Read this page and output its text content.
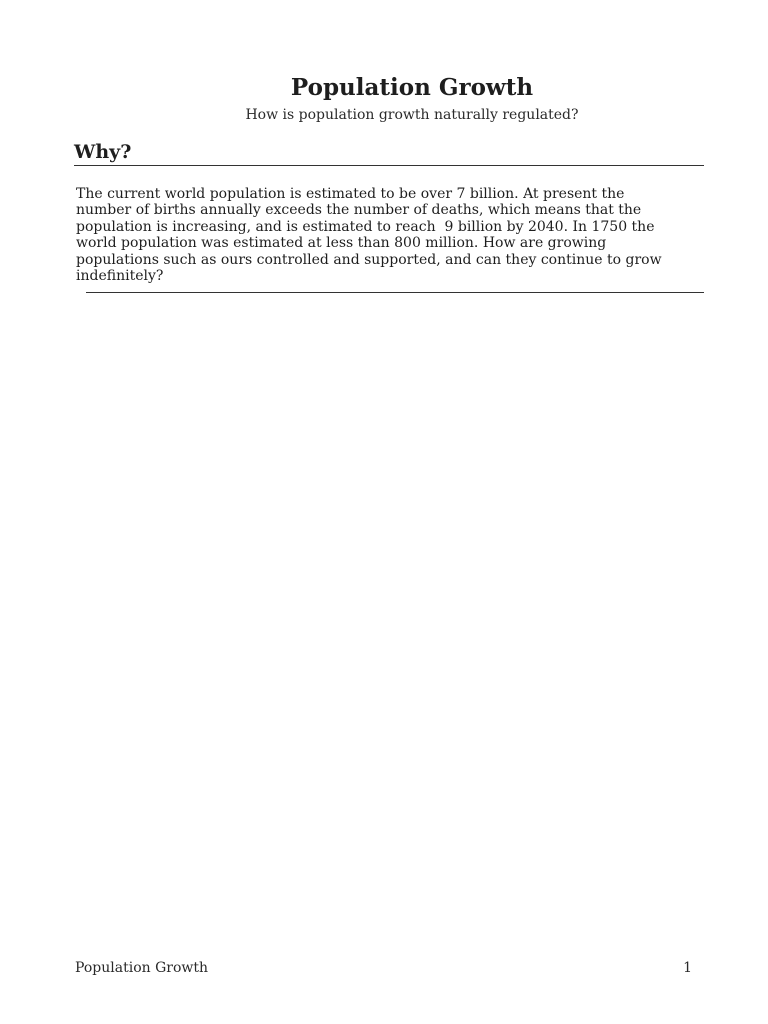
Population Growth
How is population growth naturally regulated?
Why?
The current world population is estimated to be over 7 billion. At present the
number of births annually exceeds the number of deaths, which means that the
population is increasing, and is estimated to reach  9 billion by 2040. In 1750 the
world population was estimated at less than 800 million. How are growing
populations such as ours controlled and supported, and can they continue to grow
indefinitely?
Population Growth	1
